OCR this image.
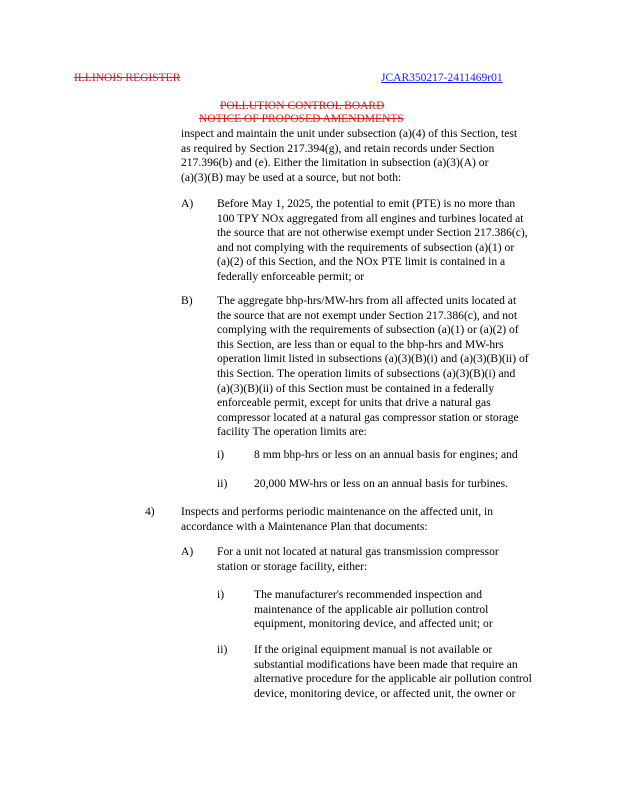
ILLINOIS REGISTER	JCAR350217-2411469r01
POLLUTION CONTROL BOARD
NOTICE OF PROPOSED AMENDMENTS
inspect and maintain the unit under subsection (a)(4) of this Section, test
as required by Section 217.394(g), and retain records under Section
217.396(b) and (e). Either the limitation in subsection (a)(3)(A) or
(a)(3)(B) may be used at a source, but not both:
A) Before May 1, 2025, the potential to emit (PTE) is no more than
100 TPY NOx aggregated from all engines and turbines located at
the source that are not otherwise exempt under Section 217.386(c),
and not complying with the requirements of subsection (a)(1) or
(a)(2) of this Section, and the NOx PTE limit is contained in a
federally enforceable permit; or
B) The aggregate bhp-hrs/MW-hrs from all affected units located at
the source that are not exempt under Section 217.386(c), and not
complying with the requirements of subsection (a)(1) or (a)(2) of
this Section, are less than or equal to the bhp-hrs and MW-hrs
operation limit listed in subsections (a)(3)(B)(i) and (a)(3)(B)(ii) of
this Section. The operation limits of subsections (a)(3)(B)(i) and
(a)(3)(B)(ii) of this Section must be contained in a federally
enforceable permit, except for units that drive a natural gas
compressor located at a natural gas compressor station or storage
facility The operation limits are:
i)	8 mm bhp-hrs or less on an annual basis for engines; and
ii) 20,000 MW-hrs or less on an annual basis for turbines.
4) Inspects and performs periodic maintenance on the affected unit, in
accordance with a Maintenance Plan that documents:
A) For a unit not located at natural gas transmission compressor
station or storage facility, either:
i)	The manufacturer's recommended inspection and
maintenance of the applicable air pollution control
equipment, monitoring device, and affected unit; or
ii) If the original equipment manual is not available or
substantial modifications have been made that require an
alternative procedure for the applicable air pollution control
device, monitoring device, or affected unit, the owner or
